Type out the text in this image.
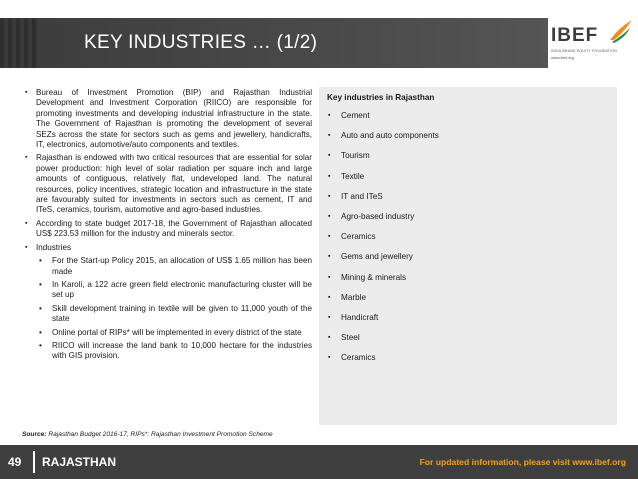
KEY INDUSTRIES … (1/2)	IBEF
INDIA BRAND EQUITY FOUNDATION
www.ibef.org
▪ Bureau of Investment Promotion (BIP) and Rajasthan Industrial Development and Investment Corporation (RIICO) are responsible for promoting investments and developing industrial infrastructure in the state. The Government of Rajasthan is promoting the development of several SEZs across the state for sectors such as gems and jewellery, handicrafts, IT, electronics, automotive/auto components and textiles.
▪ Rajasthan is endowed with two critical resources that are essential for solar power production: high level of solar radiation per square inch and large amounts of contiguous, relatively flat, undeveloped land. The natural resources, policy incentives, strategic location and infrastructure in the state are favourably suited for investments in sectors such as cement, IT and ITeS, ceramics, tourism, automotive and agro-based industries.
▪ According to state budget 2017-18, the Government of Rajasthan allocated US$ 223.53 million for the industry and minerals sector.
▪ Industries
• For the Start-up Policy 2015, an allocation of US$ 1.65 million has been made
• In Karoli, a 122 acre green field electronic manufacturing cluster will be set up
• Skill development training in textile will be given to 11,000 youth of the state
• Online portal of RIPs* will be implemented in every district of the state
• RIICO will increase the land bank to 10,000 hectare for the industries with GIS provision.
Key industries in Rajasthan
▪ Cement
▪ Auto and auto components
▪ Tourism
▪ Textile
▪ IT and ITeS
▪ Agro-based industry
▪ Ceramics
▪ Gems and jewellery
▪ Mining & minerals
▪ Marble
▪ Handicraft
▪ Steel
▪ Ceramics
Source: Rajasthan Budget 2016-17, RIPs*: Rajasthan Investment Promotion Scheme
49 RAJASTHAN	For updated information, please visit www.ibef.org
